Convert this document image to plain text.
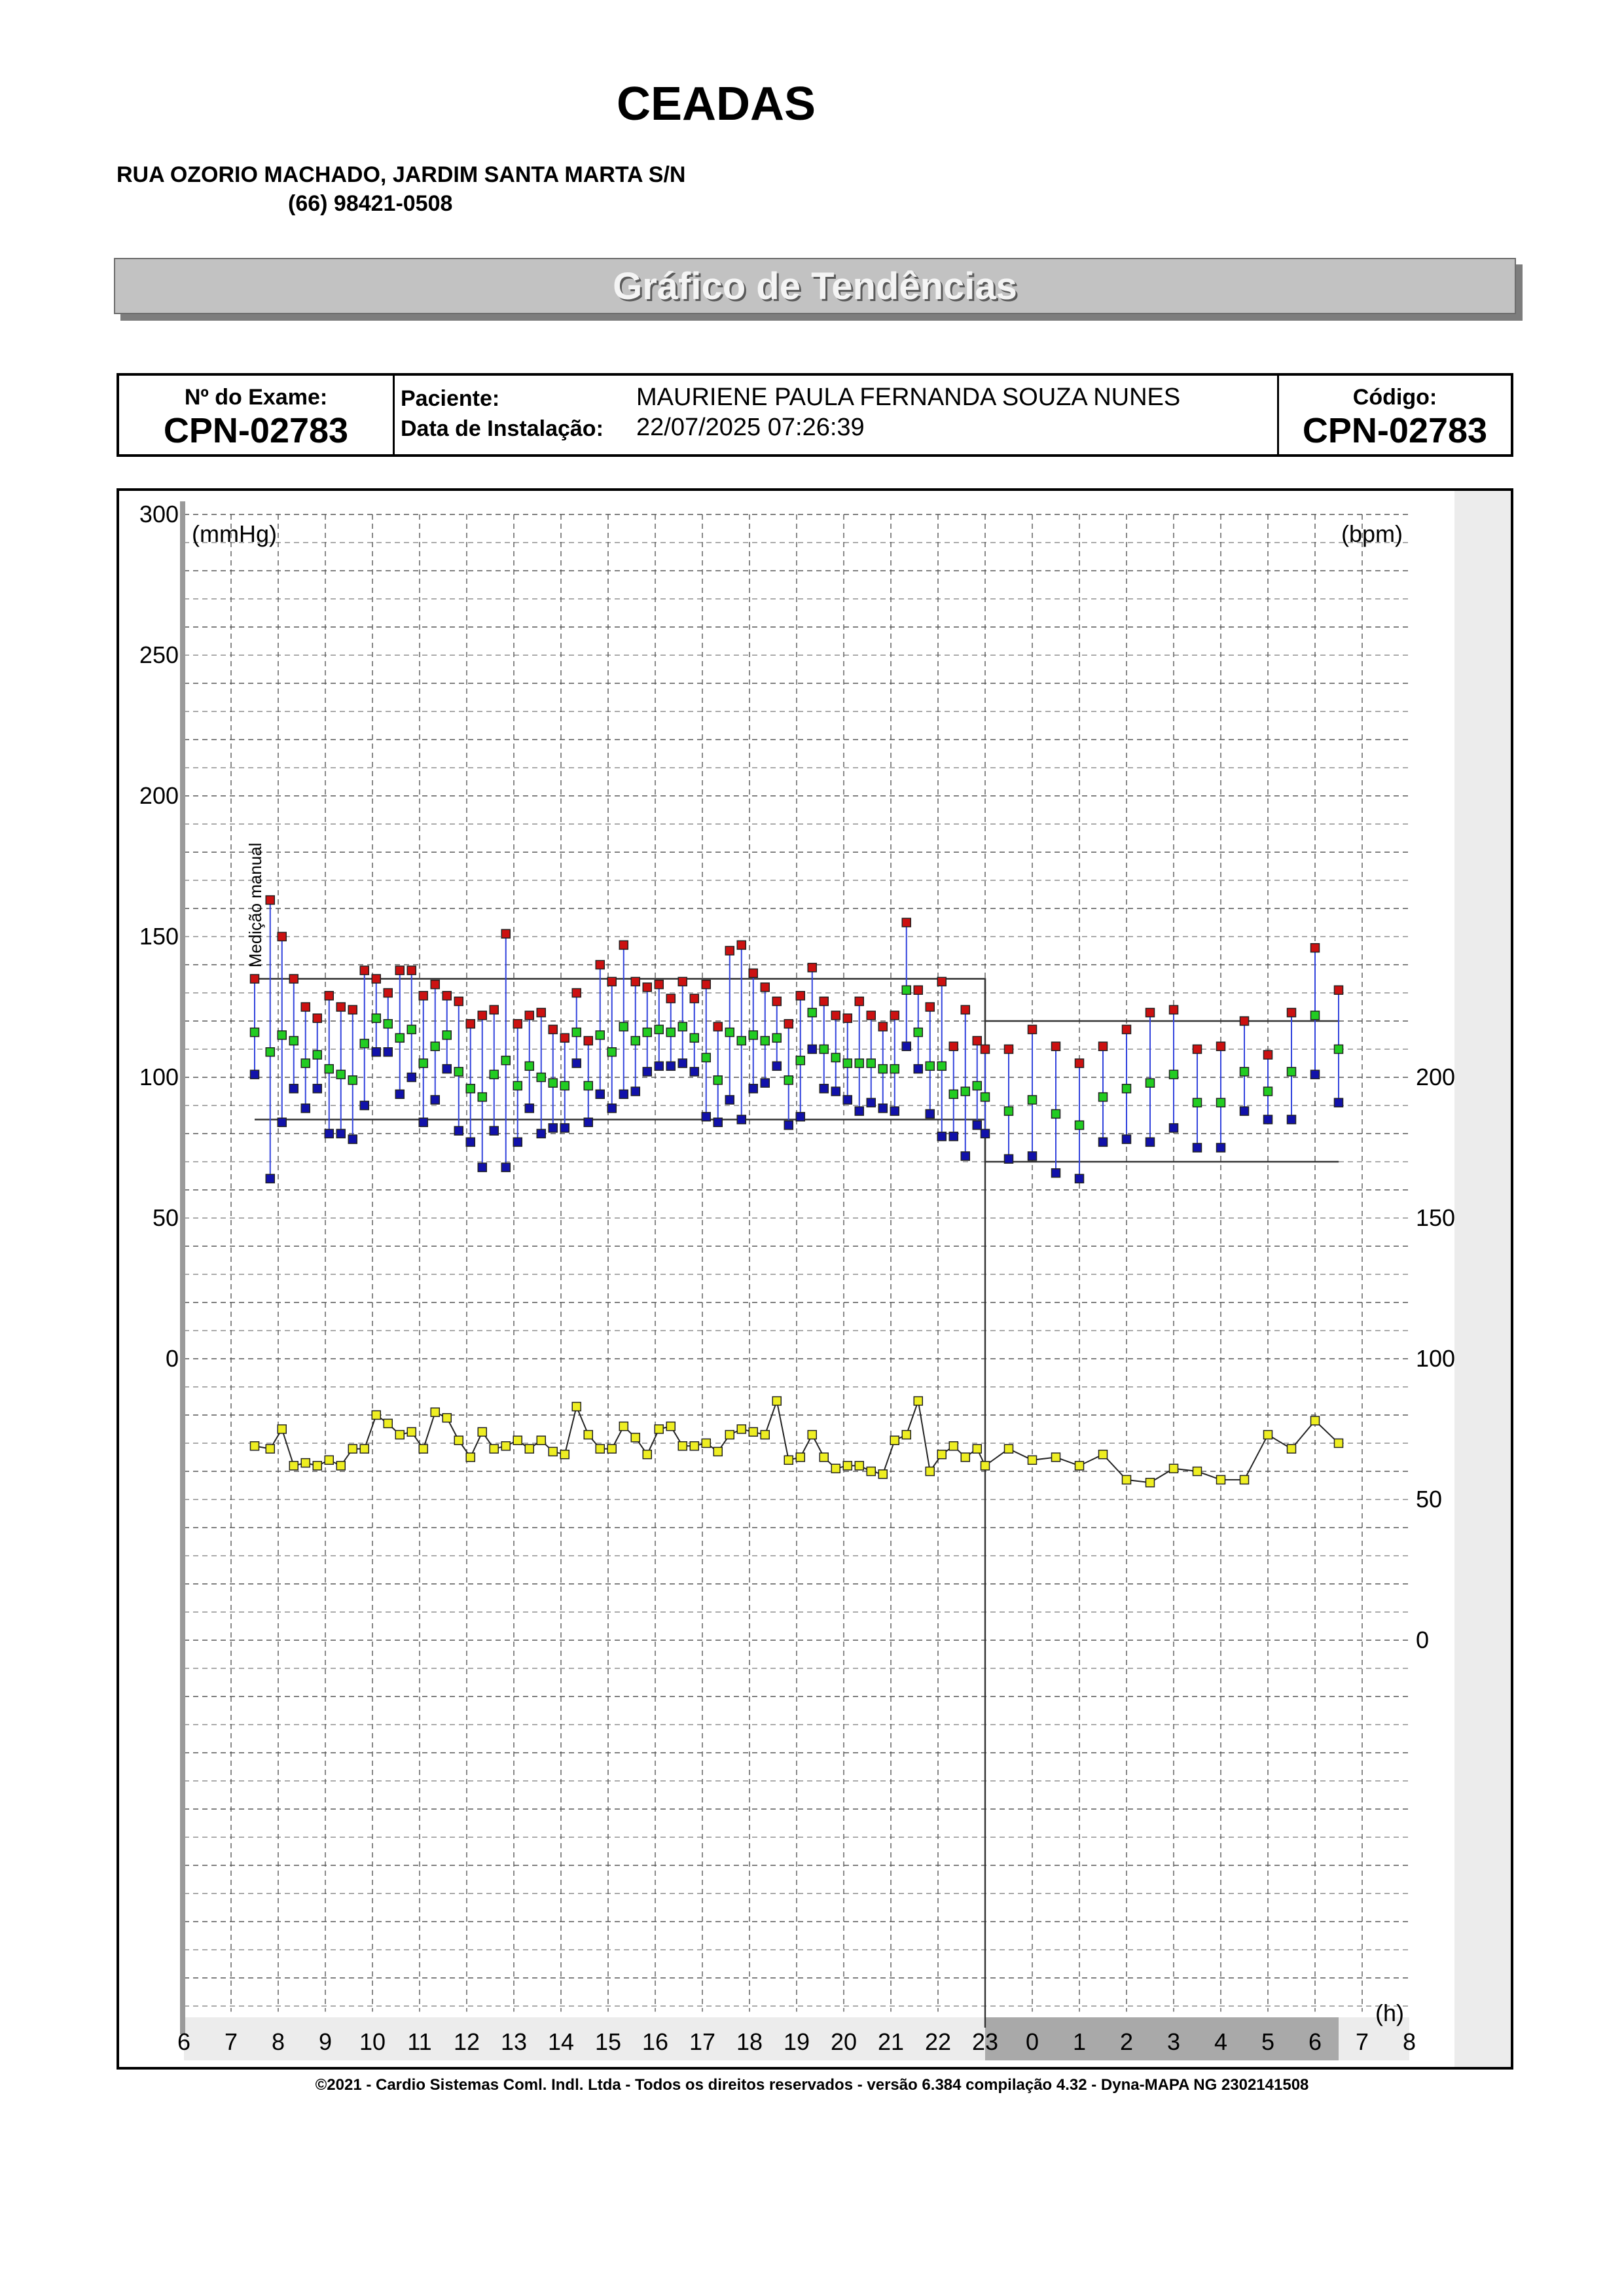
CEADAS
RUA OZORIO MACHADO, JARDIM SANTA MARTA S/N
(66) 98421-0508
Gráfico de Tendências
Nº do Exame:
CPN-02783
Paciente:	MAURIENE PAULA FERNANDA SOUZA NUNES
Data de Instalação: 22/07/2025 07:26:39
Código:
CPN-02783
300
250
200
150
100
50
0
200
150
100
50
0
6 7 8 9 10 11 12 13 14 15 16 17 18 19 20 21 22 23 0 1 2 3 4 5 6 7 8
(mmHg)	(bpm)
(h)
Medição manual
©2021 - Cardio Sistemas Coml. Indl. Ltda - Todos os direitos reservados - versão 6.384 compilação 4.32 - Dyna-MAPA NG 2302141508
